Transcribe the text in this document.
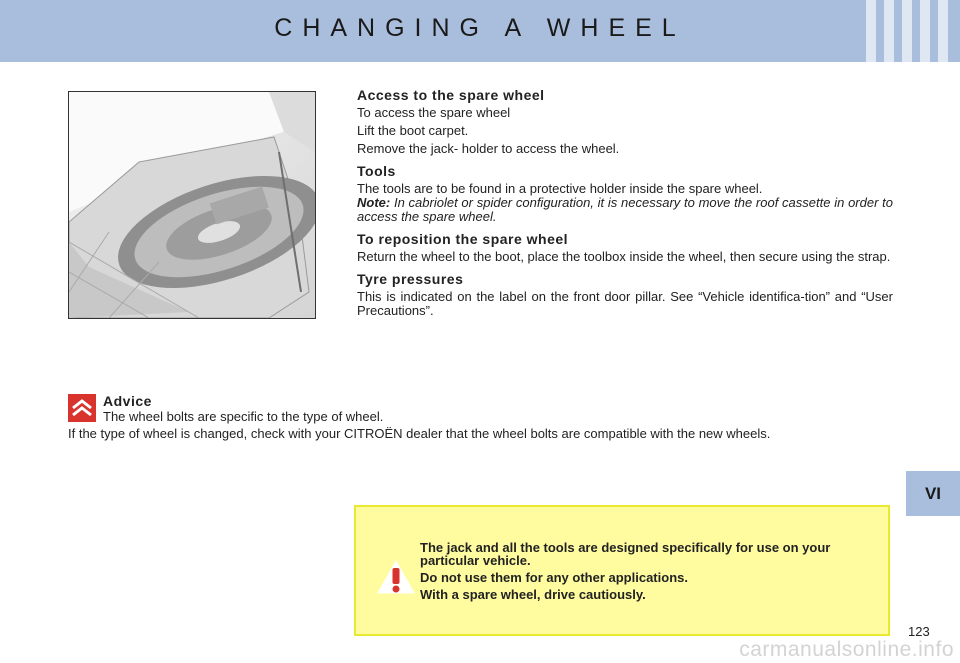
CHANGING A WHEEL
Access to the spare wheel

To access the spare wheel

Lift the boot carpet.

Remove the jack- holder to access the wheel.

Tools

The tools are to be found in a protective holder inside the spare wheel.

Note: In cabriolet or spider configuration, it is necessary to move the roof cassette in order to access the spare wheel.

To reposition the spare wheel

Return the wheel to the boot, place the toolbox inside the wheel, then secure using the strap.

Tyre pressures

This is indicated on the label on the front door pillar. See “Vehicle identifica-tion” and “User Precautions”.

Advice

The wheel bolts are specific to the type of wheel.

If the type of wheel is changed, check with your CITROËN dealer that the wheel bolts are compatible with the new wheels.

VI

The jack and all the tools are designed specifically for use on your particular vehicle.

Do not use them for any other applications.

With a spare wheel, drive cautiously.

123
carmanualsonline.info
